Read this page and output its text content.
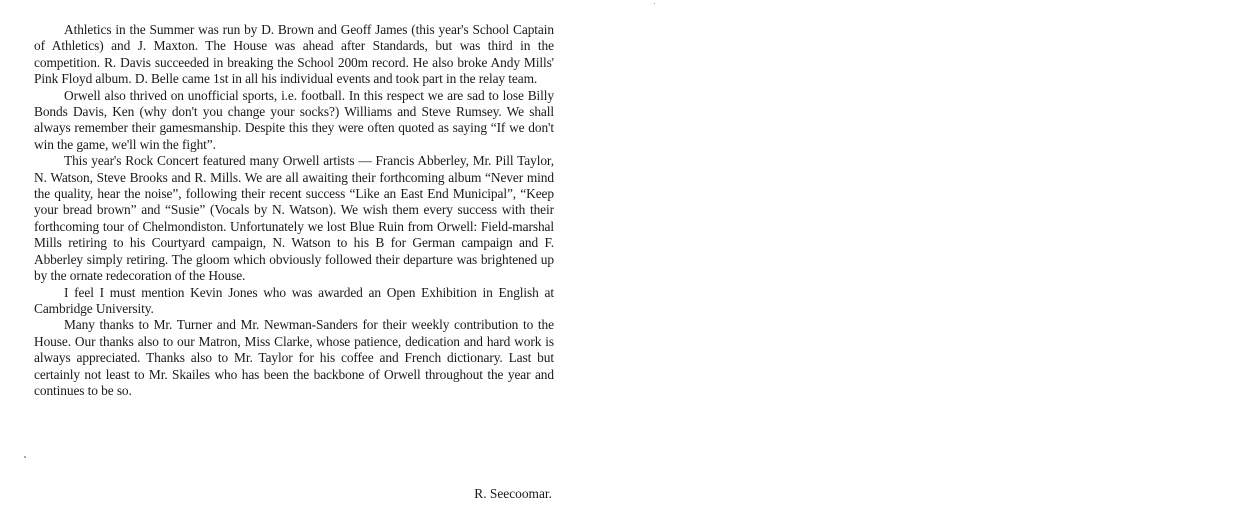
Athletics in the Summer was run by D. Brown and Geoff James (this year's School Captain of Athletics) and J. Maxton. The House was ahead after Standards, but was third in the competition. R. Davis succeeded in breaking the School 200m record. He also broke Andy Mills' Pink Floyd album. D. Belle came 1st in all his individual events and took part in the relay team.

Orwell also thrived on unofficial sports, i.e. football. In this respect we are sad to lose Billy Bonds Davis, Ken (why don't you change your socks?) Williams and Steve Rumsey. We shall always remember their gamesmanship. Despite this they were often quoted as saying “If we don't win the game, we'll win the fight”.

This year's Rock Concert featured many Orwell artists — Francis Abberley, Mr. Pill Taylor, N. Watson, Steve Brooks and R. Mills. We are all awaiting their forthcoming album “Never mind the quality, hear the noise”, following their recent success “Like an East End Municipal”, “Keep your bread brown” and “Susie” (Vocals by N. Watson). We wish them every success with their forthcoming tour of Chelmondiston. Unfortunately we lost Blue Ruin from Orwell: Field-marshal Mills retiring to his Courtyard campaign, N. Watson to his B for German campaign and F. Abberley simply retiring. The gloom which obviously followed their departure was brightened up by the ornate redecoration of the House.

I feel I must mention Kevin Jones who was awarded an Open Exhibition in English at Cambridge University.

Many thanks to Mr. Turner and Mr. Newman-Sanders for their weekly contribution to the House. Our thanks also to our Matron, Miss Clarke, whose patience, dedication and hard work is always appreciated. Thanks also to Mr. Taylor for his coffee and French dictionary. Last but certainly not least to Mr. Skailes who has been the backbone of Orwell throughout the year and continues to be so.

R. Seecoomar.
